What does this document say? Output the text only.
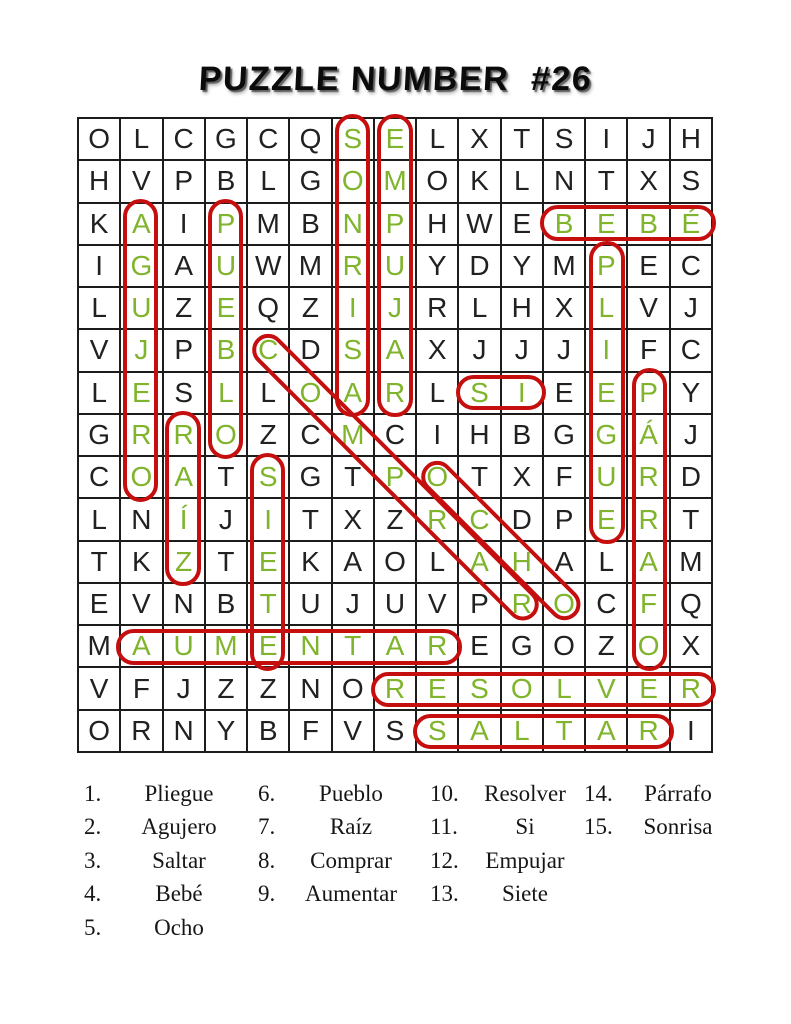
PUZZLE NUMBER  #26
O L C G C Q S E L X T S	I	J H
H V P B L G O M O K L N T X S
K A	I	P M B N P H W E B E B É
I G A U W M R U Y D Y M P E C
L U Z E Q Z	I	J R L H X L V J
V J P B C D S A X J	J	J	I	F C
L E S L L O A R L S	I	E E P Y
G R R O Z C M C	I	H B G G Á J
C O A T S G T P O T X F U R D
L N	Í	J	I	T X Z R C D P E R T
T K Z T E K A O L A H A L A M
E V N B T U J U V P R O C F Q
M A U M E N T A R E G O Z O X
V F J Z Z N O R E S O L V E R
O R N Y B F V S S A L T A R	I
1.	Pliegue
2.	Agujero
3.	Saltar
4.	Bebé
5.	Ocho
6.	Pueblo
7.	Raíz
8.	Comprar
9.	Aumentar
10.	Resolver
11.	Si
12.	Empujar
13.	Siete
14.	Párrafo
15.	Sonrisa
